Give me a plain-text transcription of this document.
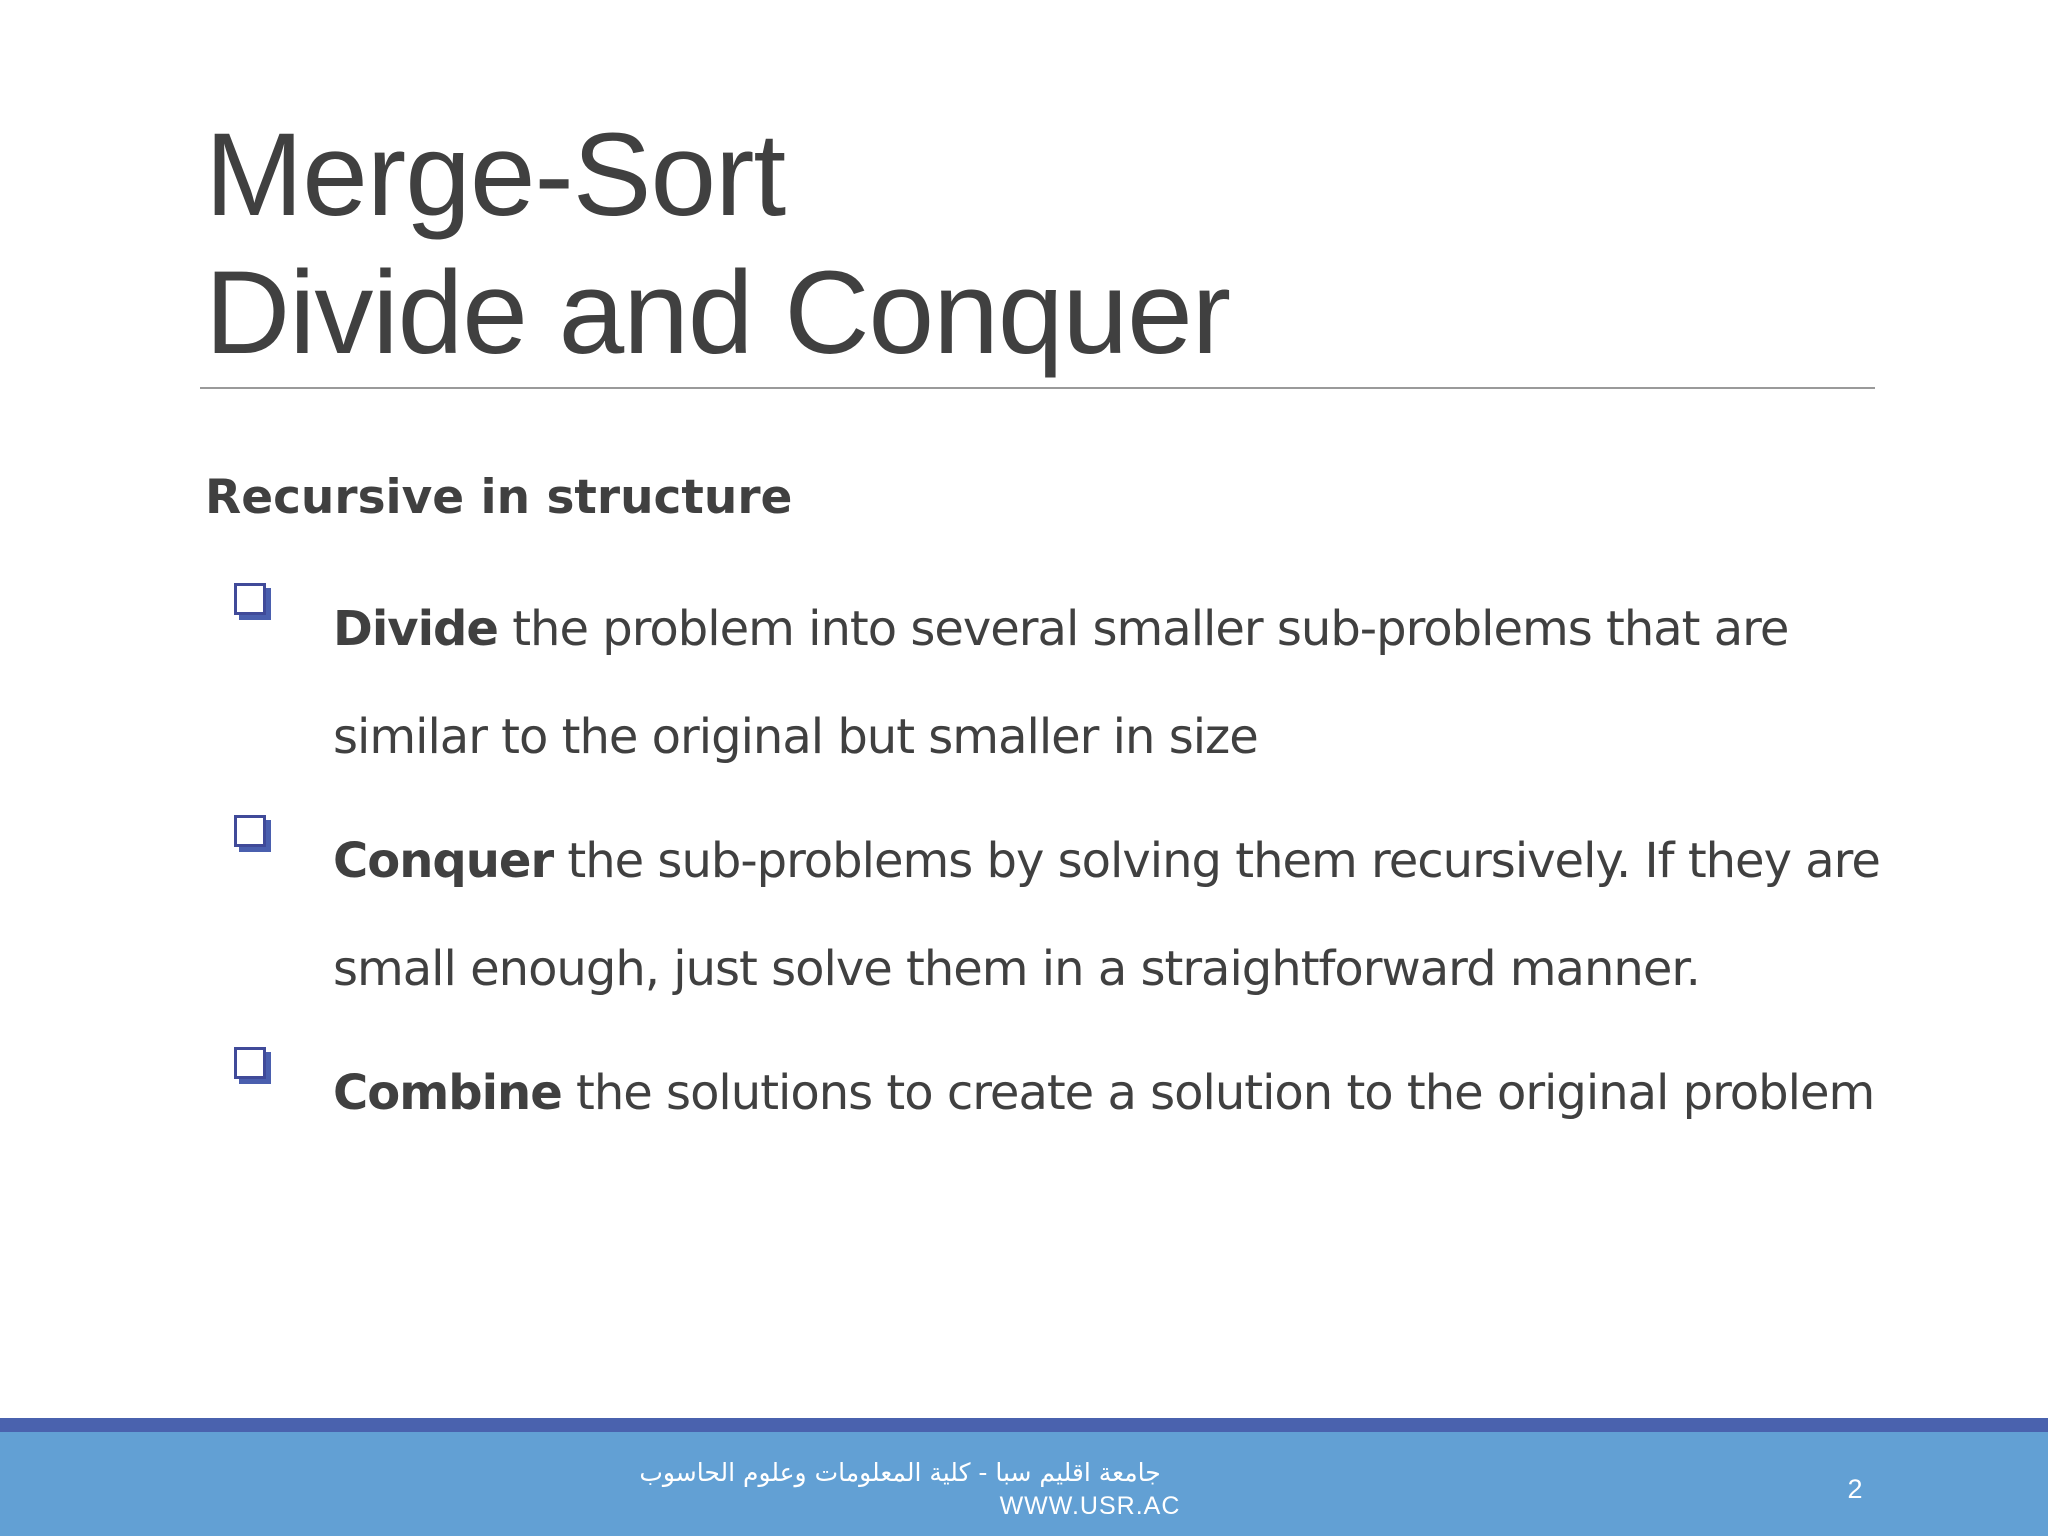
Merge-Sort
Divide and Conquer
Recursive in structure
Divide the problem into several smaller sub-problems that are similar to the original but smaller in size
Conquer the sub-problems by solving them recursively. If they are small enough, just solve them in a straightforward manner.
Combine the solutions to create a solution to the original problem
جامعة اقليم سبا - كلية المعلومات وعلوم الحاسوب
WWW.USR.AC
2
